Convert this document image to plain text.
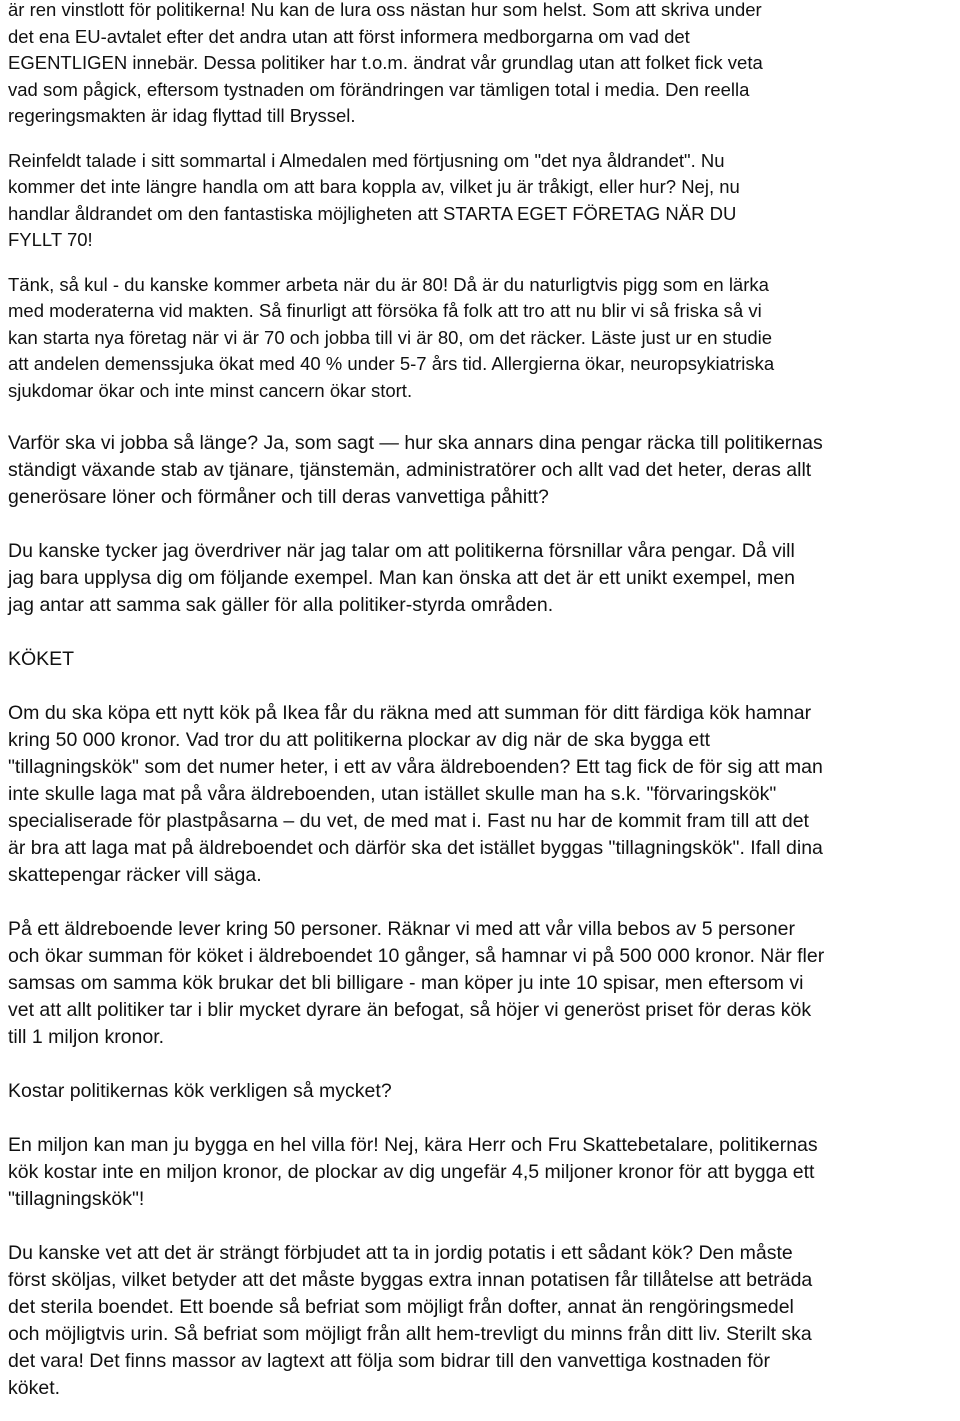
är ren vinstlott för politikerna! Nu kan de lura oss nästan hur som helst. Som att skriva under
det ena EU-avtalet efter det andra utan att först informera medborgarna om vad det
EGENTLIGEN innebär. Dessa politiker har t.o.m. ändrat vår grundlag utan att folket fick veta
vad som pågick, eftersom tystnaden om förändringen var tämligen total i media. Den reella
regeringsmakten är idag flyttad till Bryssel.

Reinfeldt talade i sitt sommartal i Almedalen med förtjusning om "det nya åldrandet". Nu
kommer det inte längre handla om att bara koppla av, vilket ju är tråkigt, eller hur? Nej, nu
handlar åldrandet om den fantastiska möjligheten att STARTA EGET FÖRETAG NÄR DU
FYLLT 70!

Tänk, så kul - du kanske kommer arbeta när du är 80! Då är du naturligtvis pigg som en lärka
med moderaterna vid makten. Så finurligt att försöka få folk att tro att nu blir vi så friska så vi
kan starta nya företag när vi är 70 och jobba till vi är 80, om det räcker. Läste just ur en studie
att andelen demenssjuka ökat med 40 % under 5-7 års tid. Allergierna ökar, neuropsykiatriska
sjukdomar ökar och inte minst cancern ökar stort.

Varför ska vi jobba så länge? Ja, som sagt — hur ska annars dina pengar räcka till politikernas
ständigt växande stab av tjänare, tjänstemän, administratörer och allt vad det heter, deras allt
generösare löner och förmåner och till deras vanvettiga påhitt?

Du kanske tycker jag överdriver när jag talar om att politikerna försnillar våra pengar. Då vill
jag bara upplysa dig om följande exempel. Man kan önska att det är ett unikt exempel, men
jag antar att samma sak gäller för alla politiker-styrda områden.

KÖKET

Om du ska köpa ett nytt kök på Ikea får du räkna med att summan för ditt färdiga kök hamnar
kring 50 000 kronor. Vad tror du att politikerna plockar av dig när de ska bygga ett
"tillagningskök" som det numer heter, i ett av våra äldreboenden? Ett tag fick de för sig att man
inte skulle laga mat på våra äldreboenden, utan istället skulle man ha s.k. "förvaringskök"
specialiserade för plastpåsarna – du vet, de med mat i. Fast nu har de kommit fram till att det
är bra att laga mat på äldreboendet och därför ska det istället byggas "tillagningskök". Ifall dina
skattepengar räcker vill säga.

På ett äldreboende lever kring 50 personer. Räknar vi med att vår villa bebos av 5 personer
och ökar summan för köket i äldreboendet 10 gånger, så hamnar vi på 500 000 kronor. När fler
samsas om samma kök brukar det bli billigare - man köper ju inte 10 spisar, men eftersom vi
vet att allt politiker tar i blir mycket dyrare än befogat, så höjer vi generöst priset för deras kök
till 1 miljon kronor.

Kostar politikernas kök verkligen så mycket?

En miljon kan man ju bygga en hel villa för! Nej, kära Herr och Fru Skattebetalare, politikernas
kök kostar inte en miljon kronor, de plockar av dig ungefär 4,5 miljoner kronor för att bygga ett
"tillagningskök"!

Du kanske vet att det är strängt förbjudet att ta in jordig potatis i ett sådant kök? Den måste
först sköljas, vilket betyder att det måste byggas extra innan potatisen får tillåtelse att beträda
det sterila boendet. Ett boende så befriat som möjligt från dofter, annat än rengöringsmedel
och möjligtvis urin. Så befriat som möjligt från allt hem-trevligt du minns från ditt liv. Sterilt ska
det vara! Det finns massor av lagtext att följa som bidrar till den vanvettiga kostnaden för
köket.
